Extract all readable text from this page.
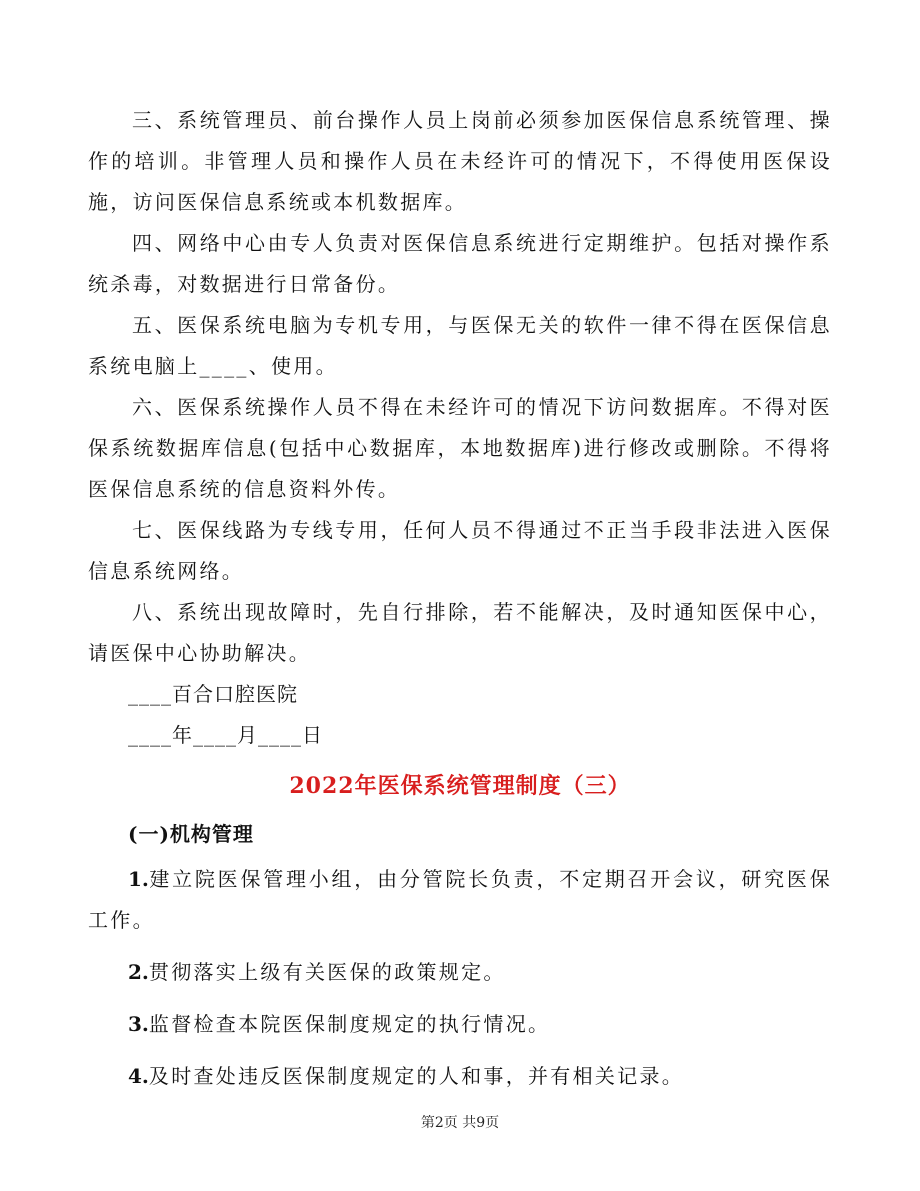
三、系统管理员、前台操作人员上岗前必须参加医保信息系统管理、操作的培训。非管理人员和操作人员在未经许可的情况下，不得使用医保设施，访问医保信息系统或本机数据库。

四、网络中心由专人负责对医保信息系统进行定期维护。包括对操作系统杀毒，对数据进行日常备份。

五、医保系统电脑为专机专用，与医保无关的软件一律不得在医保信息系统电脑上____、使用。

六、医保系统操作人员不得在未经许可的情况下访问数据库。不得对医保系统数据库信息(包括中心数据库，本地数据库)进行修改或删除。不得将医保信息系统的信息资料外传。

七、医保线路为专线专用，任何人员不得通过不正当手段非法进入医保信息系统网络。

八、系统出现故障时，先自行排除，若不能解决，及时通知医保中心，请医保中心协助解决。

____百合口腔医院

____年____月____日

2022年医保系统管理制度（三）
(一)机构管理

1.建立院医保管理小组，由分管院长负责，不定期召开会议，研究医保工作。

2.贯彻落实上级有关医保的政策规定。

3.监督检查本院医保制度规定的执行情况。

4.及时查处违反医保制度规定的人和事，并有相关记录。

第2页 共9页
